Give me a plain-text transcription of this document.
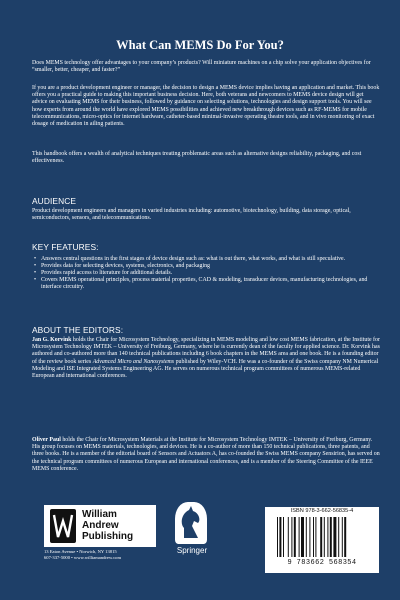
What Can MEMS Do For You?

Does MEMS technology offer advantages to your company’s products? Will miniature machines on a chip solve your application objectives for “smaller, better, cheaper, and faster?”

If you are a product development engineer or manager, the decision to design a MEMS device implies having an application and market. This book offers you a practical guide to making this important business decision. Here, both veterans and newcomers to MEMS device design will get advice on evaluating MEMS for their business, followed by guidance on selecting solutions, technologies and design support tools. You will see how experts from around the world have explored MEMS possibilities and achieved new breakthrough devices such as RF-MEMS for mobile telecommunications, micro-optics for internet hardware, catheter-based minimal-invasive operating theatre tools, and in vivo monitoring of exact dosage of medication in ailing patients.

This handbook offers a wealth of analytical techniques treating problematic areas such as alternative designs reliability, packaging, and cost effectiveness.

AUDIENCE

Product development engineers and managers in varied industries including: automotive, biotechnology, building, data storage, optical, semiconductors, sensors, and telecommunications.

KEY FEATURES:
• Answers central questions in the first stages of device design such as: what is out there, what works, and what is still speculative.
• Provides data for selecting devices, systems, electronics, and packaging
• Provides rapid access to literature for additional details.
• Covers MEMS operational principles, process material properties, CAD & modeling, transducer devices, manufacturing technologies, and interface circuitry.
ABOUT THE EDITORS:

Jan G. Korvink holds the Chair for Microsystem Technology, specializing in MEMS modeling and low cost MEMS fabrication, at the Institute for Microsystem Technology IMTEK – University of Freiburg, Germany, where he is currently dean of the faculty for applied science. Dr. Korvink has authored and co-authored more than 140 technical publications including 6 book chapters in the MEMS area and one book. He is a founding editor of the review book series Advanced Micro and Nanosystems published by Wiley-VCH. He was a co-founder of the Swiss company NM Numerical Modeling and ISE Integrated Systems Engineering AG. He serves on numerous technical program committees of numerous MEMS-related European and international conferences.

Oliver Paul holds the Chair for Microsystem Materials at the Institute for Microsystem Technology IMTEK – University of Freiburg, Germany. His group focuses on MEMS materials, technologies, and devices. He is a co-author of more than 150 technical publications, three patents, and three books. He is a member of the editorial board of Sensors and Actuators A, has co-founded the Swiss MEMS company Sensirion, has served on the technical program committees of numerous European and international conferences, and is a member of the Steering Committee of the IEEE MEMS conference.

William Andrew Publishing
13 Eaton Avenue • Norwich, NY 13815
607-337-5000 • www.williamandrew.com
Springer
ISBN 978-3-662-56835-4
9 783662 568354
